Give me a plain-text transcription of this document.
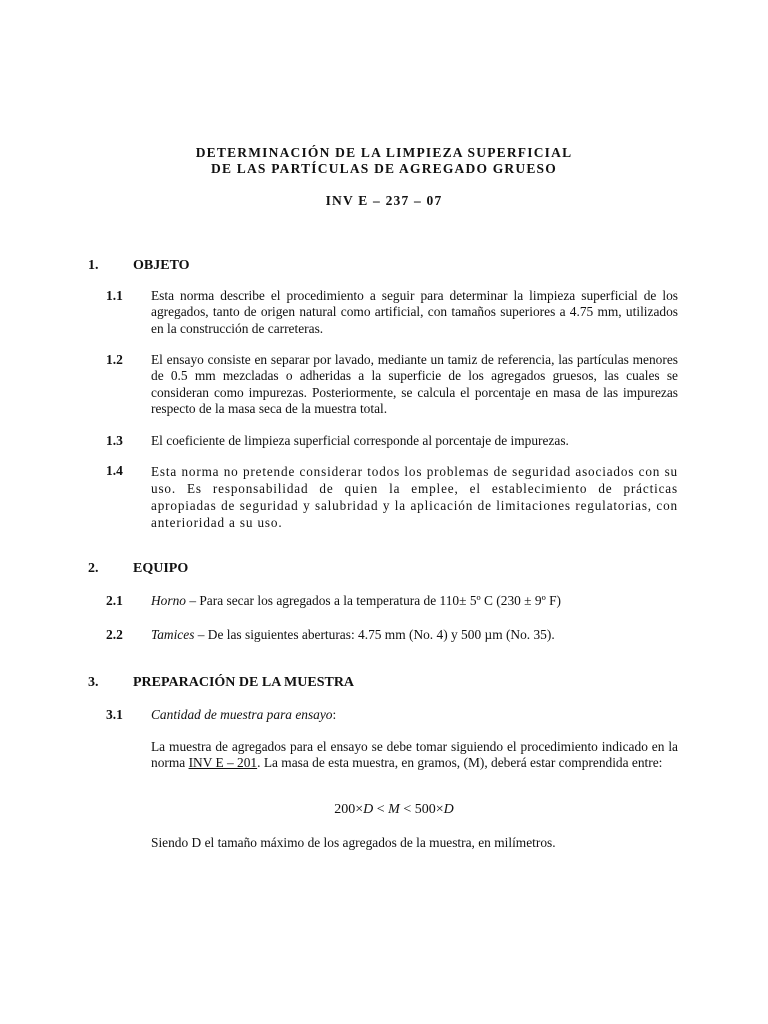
DETERMINACIÓN DE LA LIMPIEZA SUPERFICIAL
DE LAS PARTÍCULAS DE AGREGADO GRUESO
INV E – 237 – 07
1. OBJETO
1.1 Esta norma describe el procedimiento a seguir para determinar la limpieza superficial de los agregados, tanto de origen natural como artificial, con tamaños superiores a 4.75 mm, utilizados en la construcción de carreteras.
1.2 El ensayo consiste en separar por lavado, mediante un tamiz de referencia, las partículas menores de 0.5 mm mezcladas o adheridas a la superficie de los agregados gruesos, las cuales se consideran como impurezas. Posteriormente, se calcula el porcentaje en masa de las impurezas respecto de la masa seca de la muestra total.
1.3 El coeficiente de limpieza superficial corresponde al porcentaje de impurezas.
1.4 Esta norma no pretende considerar todos los problemas de seguridad asociados con su uso. Es responsabilidad de quien la emplee, el establecimiento de prácticas apropiadas de seguridad y salubridad y la aplicación de limitaciones regulatorias, con anterioridad a su uso.
2. EQUIPO
2.1 Horno – Para secar los agregados a la temperatura de 110± 5º C (230 ± 9º F)
2.2 Tamices – De las siguientes aberturas: 4.75 mm (No. 4) y 500 µm (No. 35).
3. PREPARACIÓN DE LA MUESTRA
3.1 Cantidad de muestra para ensayo:
La muestra de agregados para el ensayo se debe tomar siguiendo el procedimiento indicado en la norma INV E – 201. La masa de esta muestra, en gramos, (M), deberá estar comprendida entre:
200×D < M < 500×D
Siendo D el tamaño máximo de los agregados de la muestra, en milímetros.
